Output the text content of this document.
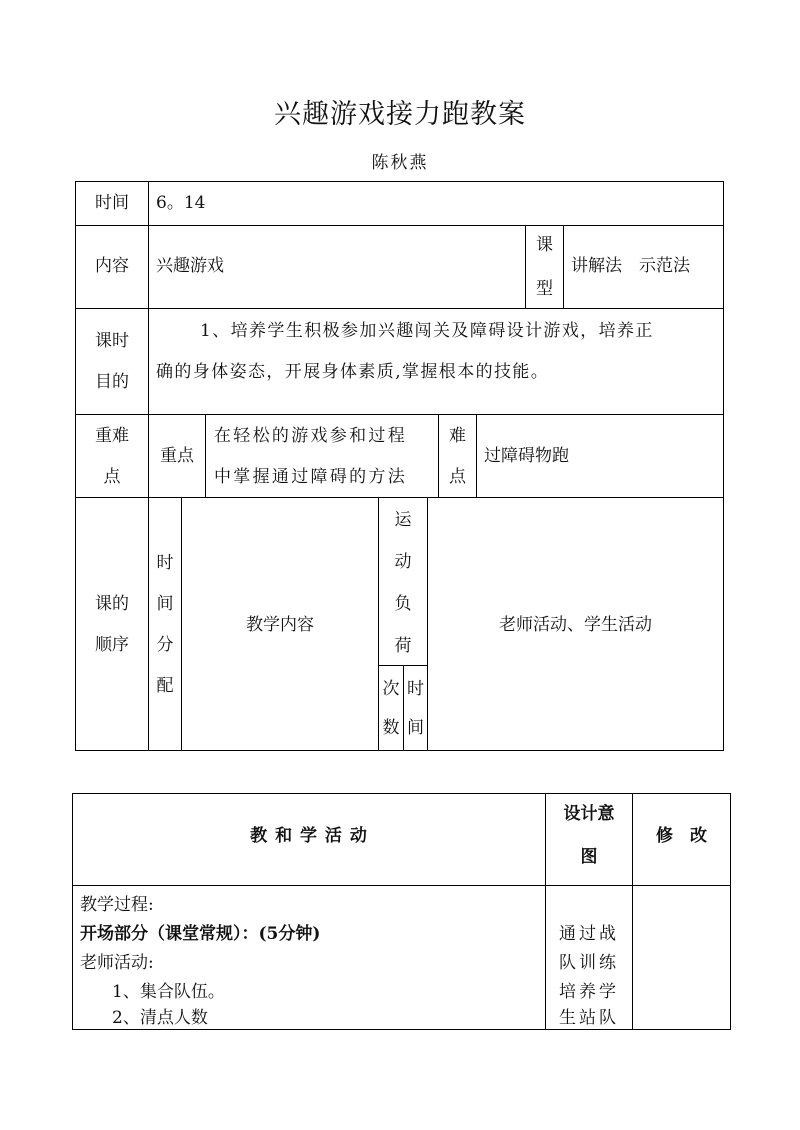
兴趣游戏接力跑教案
陈秋燕
时间	6。14
内容	兴趣游戏
课
型
讲解法　示范法
课时
目的
1、培养学生积极参加兴趣闯关及障碍设计游戏，培养正
确的身体姿态，开展身体素质,掌握根本的技能。
重难
点
重点
在轻松的游戏参和过程
中掌握通过障碍的方法
难
点
过障碍物跑
课的
顺序
时
间
分
配
教学内容
运
动
负
荷
次
数
时
间
老师活动、学生活动
教 和 学 活 动
设计意
图
修　改
教学过程:
开场部分（课堂常规）：(5分钟)
老师活动:
1、集合队伍。
2、清点人数
通过战
队训练
培养学
生站队
